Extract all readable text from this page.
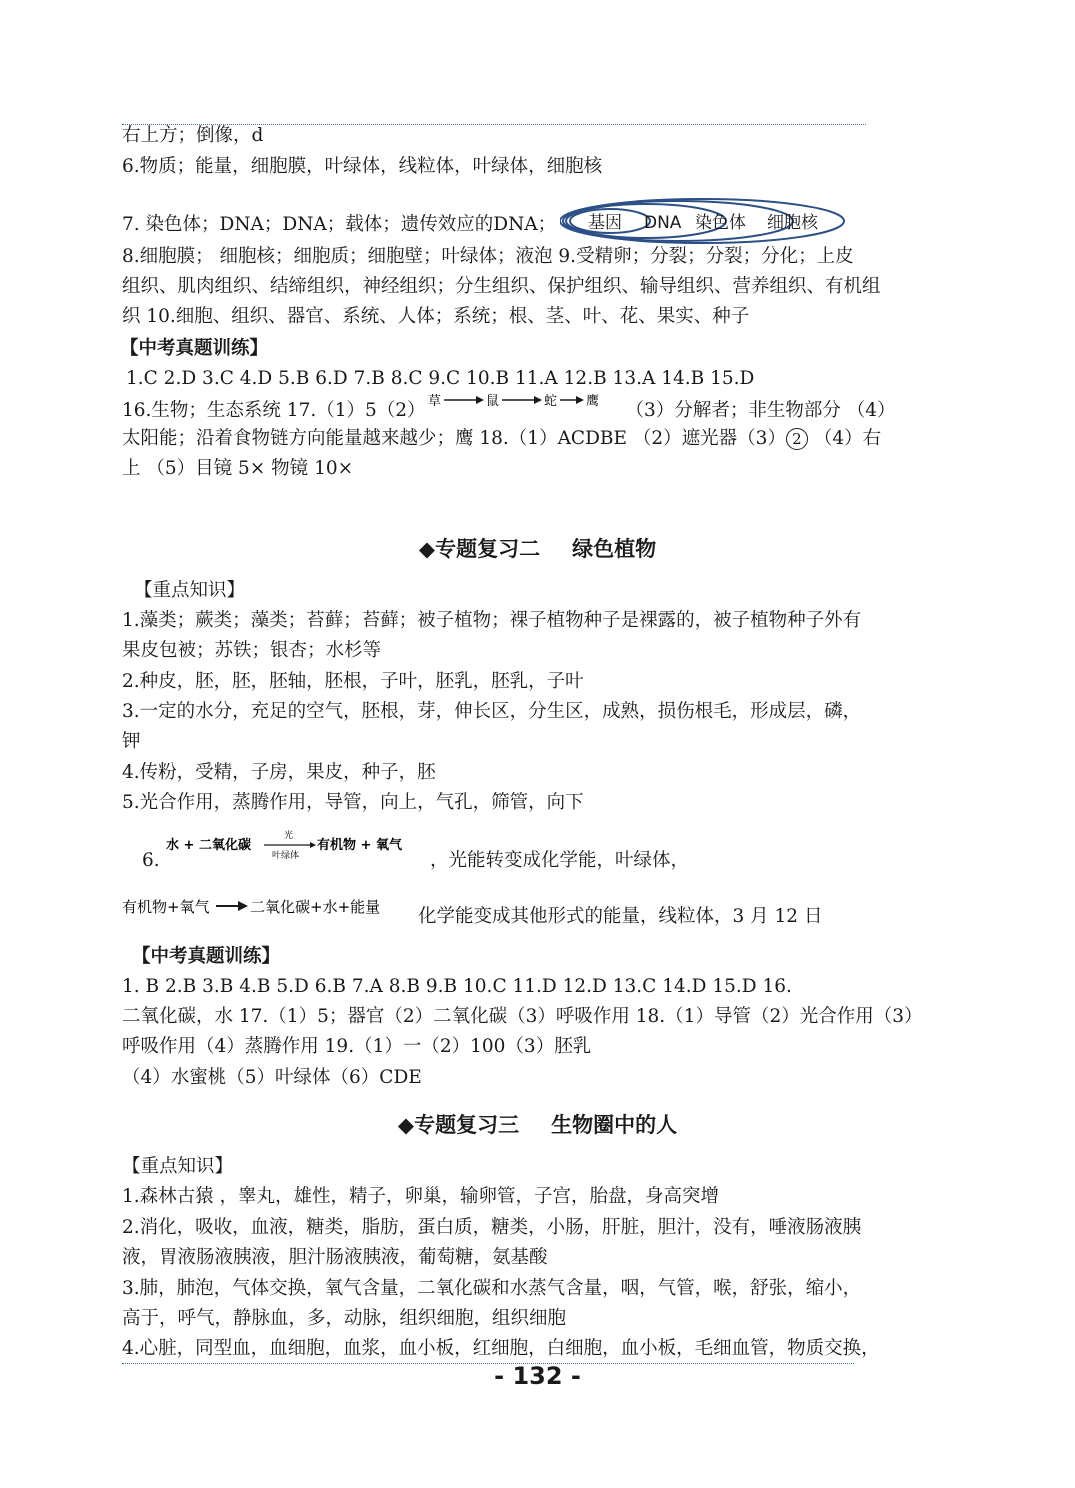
右上方；倒像，d
6.物质；能量，细胞膜，叶绿体，线粒体，叶绿体，细胞核
7. 染色体；DNA；DNA；载体；遗传效应的DNA； 基因 DNA 染色体 细胞核
8.细胞膜； 细胞核；细胞质；细胞壁；叶绿体；液泡 9.受精卵；分裂；分裂；分化；上皮
组织、肌肉组织、结缔组织，神经组织；分生组织、保护组织、输导组织、营养组织、有机组
织 10.细胞、组织、器官、系统、人体；系统；根、茎、叶、花、果实、种子
【中考真题训练】
1.C 2.D 3.C 4.D 5.B 6.D 7.B 8.C 9.C 10.B 11.A 12.B 13.A 14.B 15.D
16.生物；生态系统 17.（1）5（2） 草	鼠	蛇 鹰 （3）分解者；非生物部分 （4）
太阳能；沿着食物链方向能量越来越少；鹰 18.（1）ACDBE （2）遮光器（3） 2 （4）右
上 （5）目镜 5× 物镜 10×
◆专题复习二 绿色植物
【重点知识】
1.藻类；蕨类；藻类；苔藓；苔藓；被子植物；裸子植物种子是裸露的，被子植物种子外有
果皮包被；苏铁；银杏；水杉等
2.种皮，胚，胚，胚轴，胚根，子叶，胚乳，胚乳，子叶
3.一定的水分，充足的空气，胚根，芽，伸长区，分生区，成熟，损伤根毛，形成层，磷，
钾
4.传粉，受精，子房，果皮，种子，胚
5.光合作用，蒸腾作用，导管，向上，气孔，筛管，向下
6.
水 + 二氧化碳
光
叶绿体
有机物 + 氧气
，光能转变成化学能，叶绿体，
有机物+氧气	二氧化碳+水+能量 化学能变成其他形式的能量，线粒体，3 月 12 日
【中考真题训练】
1. B 2.B 3.B 4.B 5.D 6.B 7.A 8.B 9.B 10.C 11.D 12.D 13.C 14.D 15.D 16.
二氧化碳，水 17.（1）5；器官（2）二氧化碳（3）呼吸作用 18.（1）导管（2）光合作用（3）
呼吸作用（4）蒸腾作用 19.（1）一（2）100（3）胚乳
（4）水蜜桃（5）叶绿体（6）CDE
◆专题复习三 生物圈中的人
【重点知识】
1.森林古猿 ，睾丸，雄性，精子，卵巢，输卵管，子宫，胎盘，身高突增
2.消化，吸收，血液，糖类，脂肪，蛋白质，糖类，小肠，肝脏，胆汁，没有，唾液肠液胰
液，胃液肠液胰液，胆汁肠液胰液，葡萄糖，氨基酸
3.肺，肺泡，气体交换，氧气含量，二氧化碳和水蒸气含量，咽，气管，喉，舒张，缩小，
高于，呼气，静脉血，多，动脉，组织细胞，组织细胞
4.心脏，同型血，血细胞，血浆，血小板，红细胞，白细胞，血小板，毛细血管，物质交换，
- 132 -
